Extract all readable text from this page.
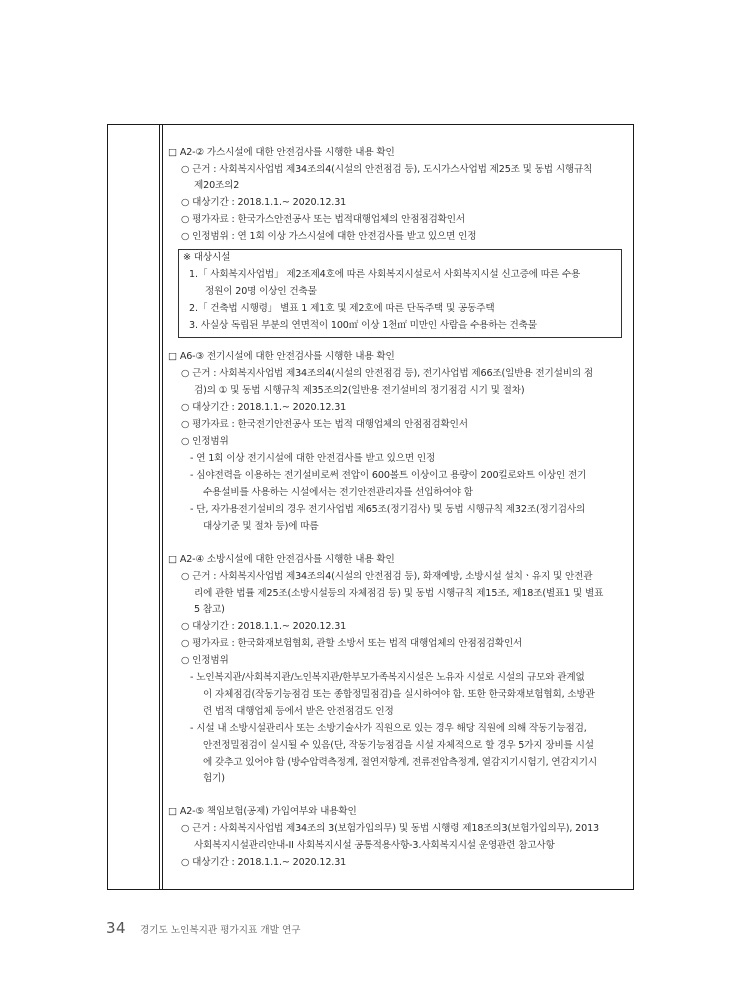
□ A2-② 가스시설에 대한 안전검사를 시행한 내용 확인
○ 근거 : 사회복지사업법 제34조의4(시설의 안전점검 등), 도시가스사업법 제25조 및 동법 시행규칙
제20조의2
○ 대상기간 : 2018.1.1.~ 2020.12.31
○ 평가자료 : 한국가스안전공사 또는 법적대행업체의 안점점검확인서
○ 인정범위 : 연 1회 이상 가스시설에 대한 안전검사를 받고 있으면 인정
※ 대상시설
1.「 사회복지사업법」 제2조제4호에 따른 사회복지시설로서 사회복지시설 신고증에 따른 수용
정원이 20명 이상인 건축물
2.「 건축법 시행령」 별표 1 제1호 및 제2호에 따른 단독주택 및 공동주택
3. 사실상 독립된 부분의 연면적이 100㎡ 이상 1천㎡ 미만인 사람을 수용하는 건축물
□ A6-③ 전기시설에 대한 안전검사를 시행한 내용 확인
○ 근거 : 사회복지사업법 제34조의4(시설의 안전점검 등), 전기사업법 제66조(일반용 전기설비의 점
검)의 ① 및 동법 시행규칙 제35조의2(일반용 전기설비의 정기점검 시기 및 절차)
○ 대상기간 : 2018.1.1.~ 2020.12.31
○ 평가자료 : 한국전기안전공사 또는 법적 대행업체의 안점점검확인서
○ 인정범위
- 연 1회 이상 전기시설에 대한 안전검사를 받고 있으면 인정
- 심야전력을 이용하는 전기설비로써 전압이 600볼트 이상이고 용량이 200킬로와트 이상인 전기
수용설비를 사용하는 시설에서는 전기안전관리자를 선입하여야 함
- 단, 자가용전기설비의 경우 전기사업법 제65조(정기검사) 및 동법 시행규칙 제32조(정기검사의
대상기준 및 절차 등)에 따름
□ A2-④ 소방시설에 대한 안전검사를 시행한 내용 확인
○ 근거 : 사회복지사업법 제34조의4(시설의 안전점검 등), 화재예방, 소방시설 설치ㆍ유지 및 안전관
리에 관한 법률 제25조(소방시설등의 자체점검 등) 및 동법 시행규칙 제15조, 제18조(별표1 및 별표
5 참고)
○ 대상기간 : 2018.1.1.~ 2020.12.31
○ 평가자료 : 한국화재보험협회, 관할 소방서 또는 법적 대행업체의 안점점검확인서
○ 인정범위
- 노인복지관/사회복지관/노인복지관/한부모가족복지시설은 노유자 시설로 시설의 규모와 관계없
이 자체점검(작동기능점검 또는 종합정밀점검)을 실시하여야 함. 또한 한국화재보험협회, 소방관
련 법적 대행업체 등에서 받은 안전점검도 인정
- 시설 내 소방시설관리사 또는 소방기술사가 직원으로 있는 경우 해당 직원에 의해 작동기능점검,
안전정밀점검이 실시될 수 있음(단, 작동기능점검을 시설 자체적으로 할 경우 5가지 장비를 시설
에 갖추고 있어야 함 (방수압력측정계, 절연저항계, 전류전압측정계, 열감지기시험기, 연감지기시
험기)
□ A2-⑤ 책임보험(공제) 가입여부와 내용확인
○ 근거 : 사회복지사업법 제34조의 3(보험가입의무) 및 동법 시행령 제18조의3(보험가입의무), 2013
사회복지시설관리안내-II 사회복지시설 공통적용사항-3.사회복지시설 운영관련 참고사항
○ 대상기간 : 2018.1.1.~ 2020.12.31
34 경기도 노인복지관 평가지표 개발 연구
